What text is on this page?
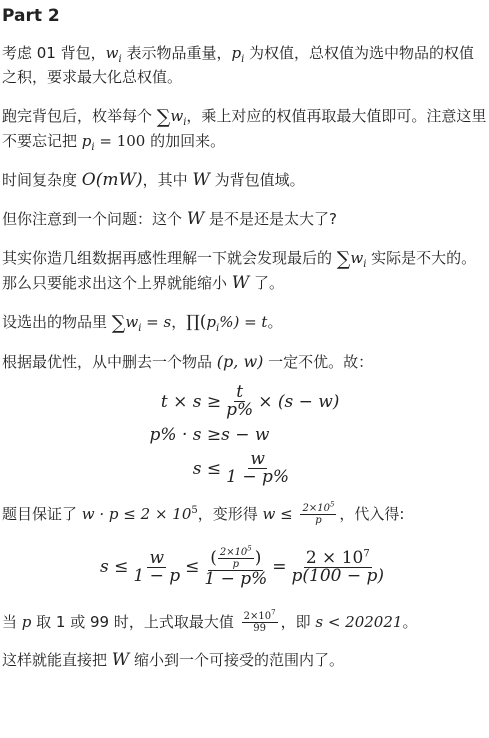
Part 2

考虑 01 背包，$w_i$ 表示物品重量，$p_i$ 为权值，总权值为选中物品的权值之积，要求最大化总权值。

跑完背包后，枚举每个 $\sum w_i$，乘上对应的权值再取最大值即可。注意这里不要忘记把 $p_i = 100$ 的加回来。

时间复杂度 O(mW)，其中 W 为背包值域。

但你注意到一个问题：这个 W 是不是还是太大了?

其实你造几组数据再感性理解一下就会发现最后的 $\sum w_i$ 实际是不大的。那么只要能求出这个上界就能缩小 W 了。

设选出的物品里 $\sum w_i = s$，$\prod(p_i\%) = t$。

根据最优性，从中删去一个物品 (p, w) 一定不优。故：

$t \times s \ge \frac{t}{p\%} \times (s - w)$
p% · s ≥ s − w
$s \le \frac{w}{1 - p\%}$

题目保证了 $w \cdot p \le 2 \times 10^5$，变形得 $w \le \frac{2\times 10^5}{p}$ ，代入得:

$s \le \frac{w}{1 - p} \le \frac{( \frac{2\times 10^5}{p} )}{1 - p\%} = \frac{2 \times 10^7}{p(100 - p)}$

当 p 取 1 或 99 时，上式取最大值 $\frac{2\times 10^7}{99}$ ，即 s < 202021。

这样就能直接把 W 缩小到一个可接受的范围内了。
